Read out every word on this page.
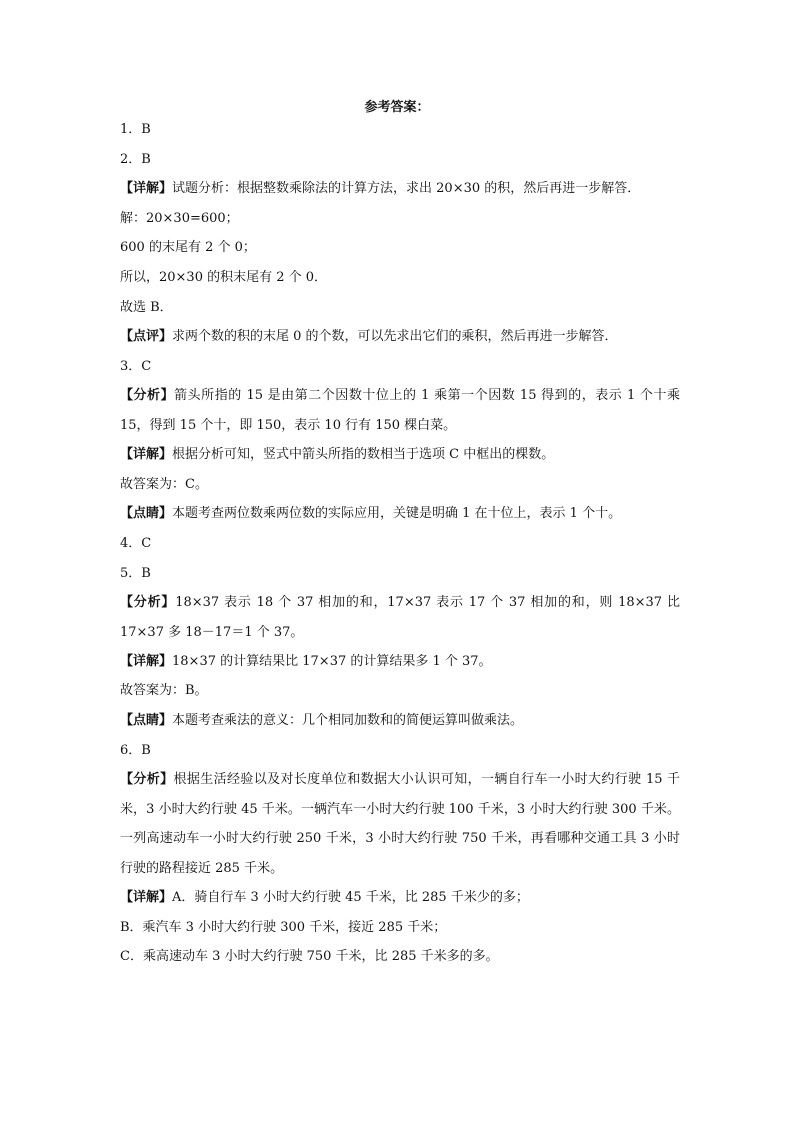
参考答案：
1．B
2．B
【详解】试题分析：根据整数乘除法的计算方法，求出 20×30 的积，然后再进一步解答．
解：20×30=600；
600 的末尾有 2 个 0；
所以，20×30 的积末尾有 2 个 0．
故选 B．
【点评】求两个数的积的末尾 0 的个数，可以先求出它们的乘积，然后再进一步解答．
3．C
【分析】箭头所指的 15 是由第二个因数十位上的 1 乘第一个因数 15 得到的，表示 1 个十乘 15，得到 15 个十，即 150，表示 10 行有 150 棵白菜。
【详解】根据分析可知，竖式中箭头所指的数相当于选项 C 中框出的棵数。
故答案为：C。
【点睛】本题考查两位数乘两位数的实际应用，关键是明确 1 在十位上，表示 1 个十。
4．C
5．B
【分析】18×37 表示 18 个 37 相加的和，17×37 表示 17 个 37 相加的和，则 18×37 比 17×37 多 18－17＝1 个 37。
【详解】18×37 的计算结果比 17×37 的计算结果多 1 个 37。
故答案为：B。
【点睛】本题考查乘法的意义：几个相同加数和的简便运算叫做乘法。
6．B
【分析】根据生活经验以及对长度单位和数据大小认识可知，一辆自行车一小时大约行驶 15 千米，3 小时大约行驶 45 千米。一辆汽车一小时大约行驶 100 千米，3 小时大约行驶 300 千米。一列高速动车一小时大约行驶 250 千米，3 小时大约行驶 750 千米，再看哪种交通工具 3 小时行驶的路程接近 285 千米。
【详解】A．骑自行车 3 小时大约行驶 45 千米，比 285 千米少的多；
B．乘汽车 3 小时大约行驶 300 千米，接近 285 千米；
C．乘高速动车 3 小时大约行驶 750 千米，比 285 千米多的多。
